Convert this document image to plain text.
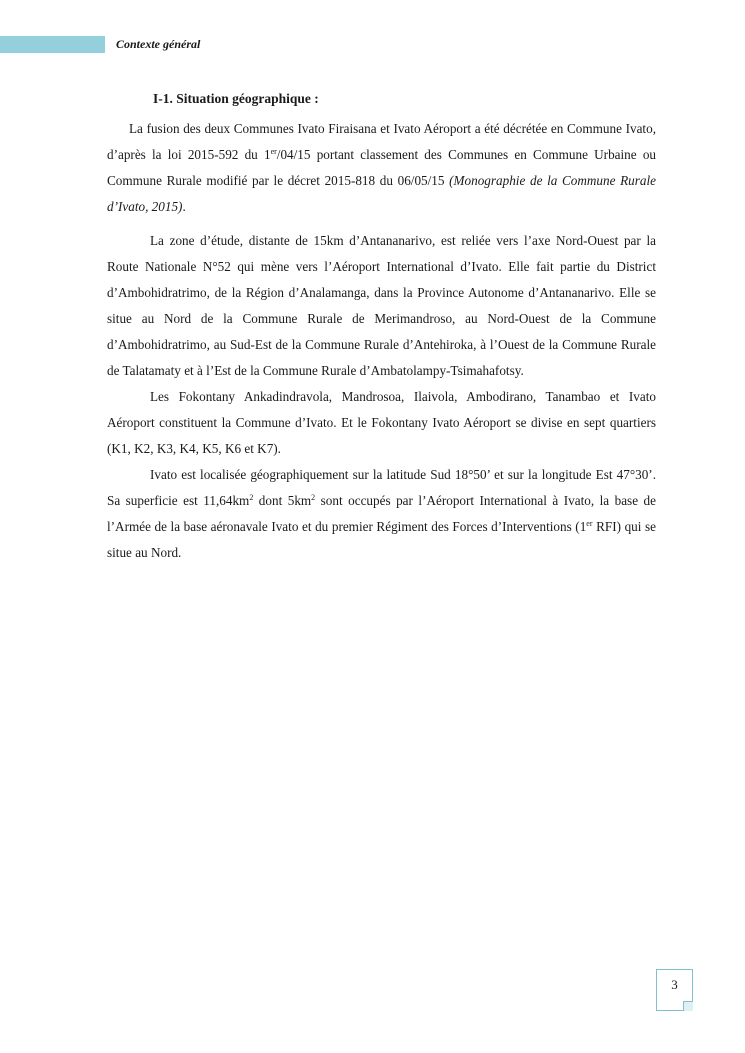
Contexte général
I-1. Situation géographique :

La fusion des deux Communes Ivato Firaisana et Ivato Aéroport a été décrétée en Commune Ivato, d’après la loi 2015-592 du 1er/04/15 portant classement des Communes en Commune Urbaine ou Commune Rurale modifié par le décret 2015-818 du 06/05/15 (Monographie de la Commune Rurale d’Ivato, 2015).

La zone d’étude, distante de 15km d’Antananarivo, est reliée vers l’axe Nord-Ouest par la Route Nationale N°52 qui mène vers l’Aéroport International d’Ivato. Elle fait partie du District d’Ambohidratrimo, de la Région d’Analamanga, dans la Province Autonome d’Antananarivo. Elle se situe au Nord de la Commune Rurale de Merimandroso, au Nord-Ouest de la Commune d’Ambohidratrimo, au Sud-Est de la Commune Rurale d’Antehiroka, à l’Ouest de la Commune Rurale de Talatamaty et à l’Est de la Commune Rurale d’Ambatolampy-Tsimahafotsy.

Les Fokontany Ankadindravola, Mandrosoa, Ilaivola, Ambodirano, Tanambao et Ivato Aéroport constituent la Commune d’Ivato. Et le Fokontany Ivato Aéroport se divise en sept quartiers (K1, K2, K3, K4, K5, K6 et K7).

Ivato est localisée géographiquement sur la latitude Sud 18°50’ et sur la longitude Est 47°30’. Sa superficie est $11,64km^2$ dont $5km^2$ sont occupés par l’Aéroport International à Ivato, la base de l’Armée de la base aéronavale Ivato et du premier Régiment des Forces d’Interventions (1er RFI) qui se situe au Nord.

3
